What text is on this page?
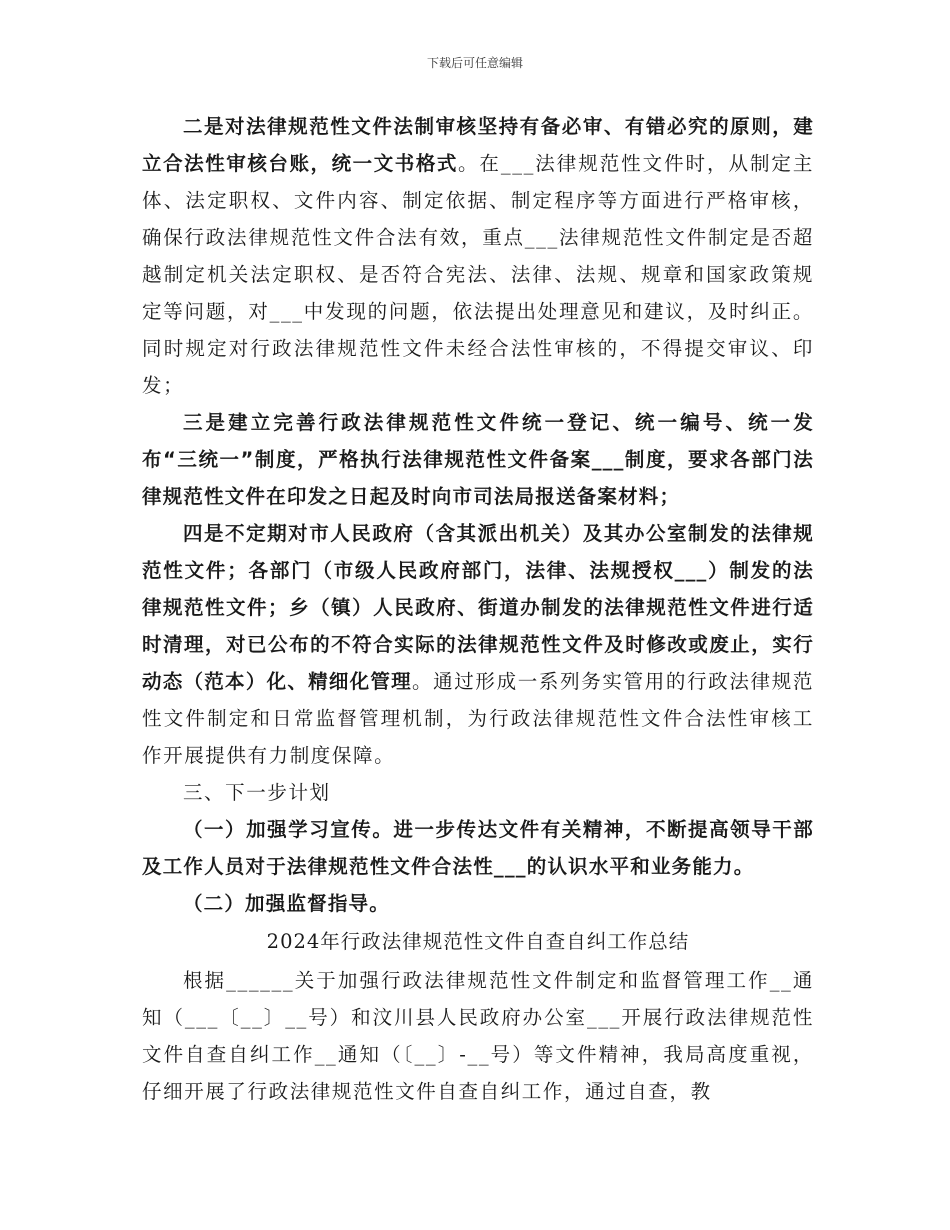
下载后可任意编辑

二是对法律规范性文件法制审核坚持有备必审、有错必究的原则，建立合法性审核台账，统一文书格式。在___法律规范性文件时，从制定主体、法定职权、文件内容、制定依据、制定程序等方面进行严格审核，确保行政法律规范性文件合法有效，重点___法律规范性文件制定是否超越制定机关法定职权、是否符合宪法、法律、法规、规章和国家政策规定等问题，对___中发现的问题，依法提出处理意见和建议，及时纠正。同时规定对行政法律规范性文件未经合法性审核的，不得提交审议、印发；

三是建立完善行政法律规范性文件统一登记、统一编号、统一发布“三统一”制度，严格执行法律规范性文件备案___制度，要求各部门法律规范性文件在印发之日起及时向市司法局报送备案材料；

四是不定期对市人民政府（含其派出机关）及其办公室制发的法律规范性文件；各部门（市级人民政府部门，法律、法规授权___）制发的法律规范性文件；乡（镇）人民政府、街道办制发的法律规范性文件进行适时清理，对已公布的不符合实际的法律规范性文件及时修改或废止，实行动态（范本）化、精细化管理。通过形成一系列务实管用的行政法律规范性文件制定和日常监督管理机制，为行政法律规范性文件合法性审核工作开展提供有力制度保障。

三、下一步计划

（一）加强学习宣传。进一步传达文件有关精神，不断提高领导干部及工作人员对于法律规范性文件合法性___的认识水平和业务能力。

（二）加强监督指导。

2024年行政法律规范性文件自查自纠工作总结

根据______关于加强行政法律规范性文件制定和监督管理工作__通知（___〔__〕__号）和汶川县人民政府办公室___开展行政法律规范性文件自查自纠工作__通知（〔__〕-__号）等文件精神，我局高度重视，仔细开展了行政法律规范性文件自查自纠工作，通过自查，教
